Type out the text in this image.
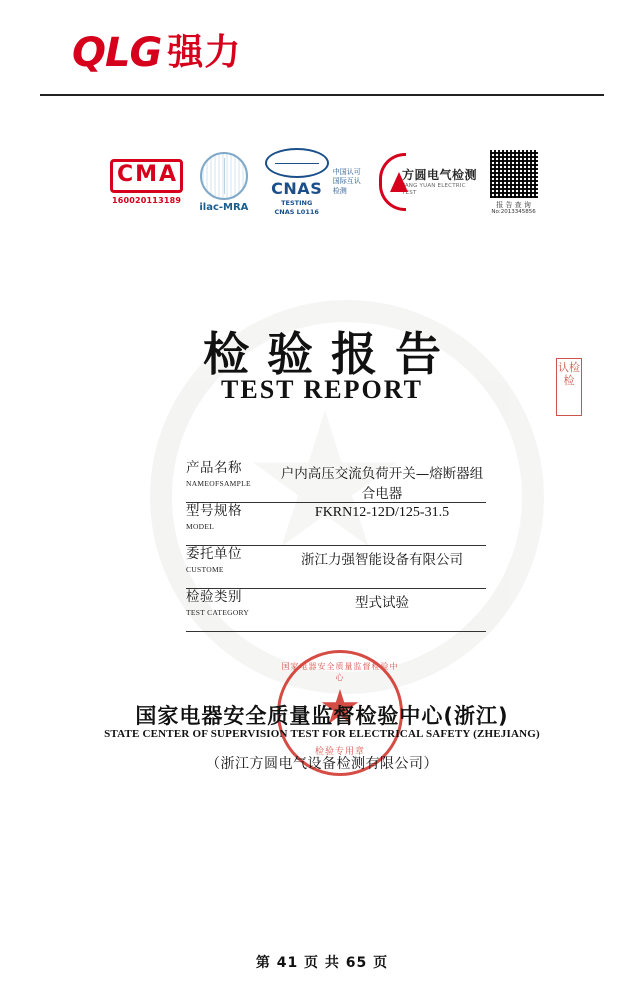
QLG 强力
CMA
160020113189
ilac-MRA
CNAS
TESTING
CNAS L0116
中国认可
国际互认
检测
方圆电气检测
FANG YUAN ELECTRIC TEST
报 告 查 询
No:2013345856
检验报告
TEST REPORT
认检检
产品名称
NAMEOFSAMPLE
户内高压交流负荷开关—熔断器组合电器
型号规格
MODEL
FKRN12-12D/125-31.5
委托单位
CUSTOME
浙江力强智能设备有限公司
检验类别
TEST CATEGORY
型式试验
国家电器安全质量监督检验中心
检验专用章
国家电器安全质量监督检验中心(浙江)
STATE CENTER OF SUPERVISION TEST FOR ELECTRICAL SAFETY (ZHEJIANG)
（浙江方圆电气设备检测有限公司）
第 41 页 共 65 页
